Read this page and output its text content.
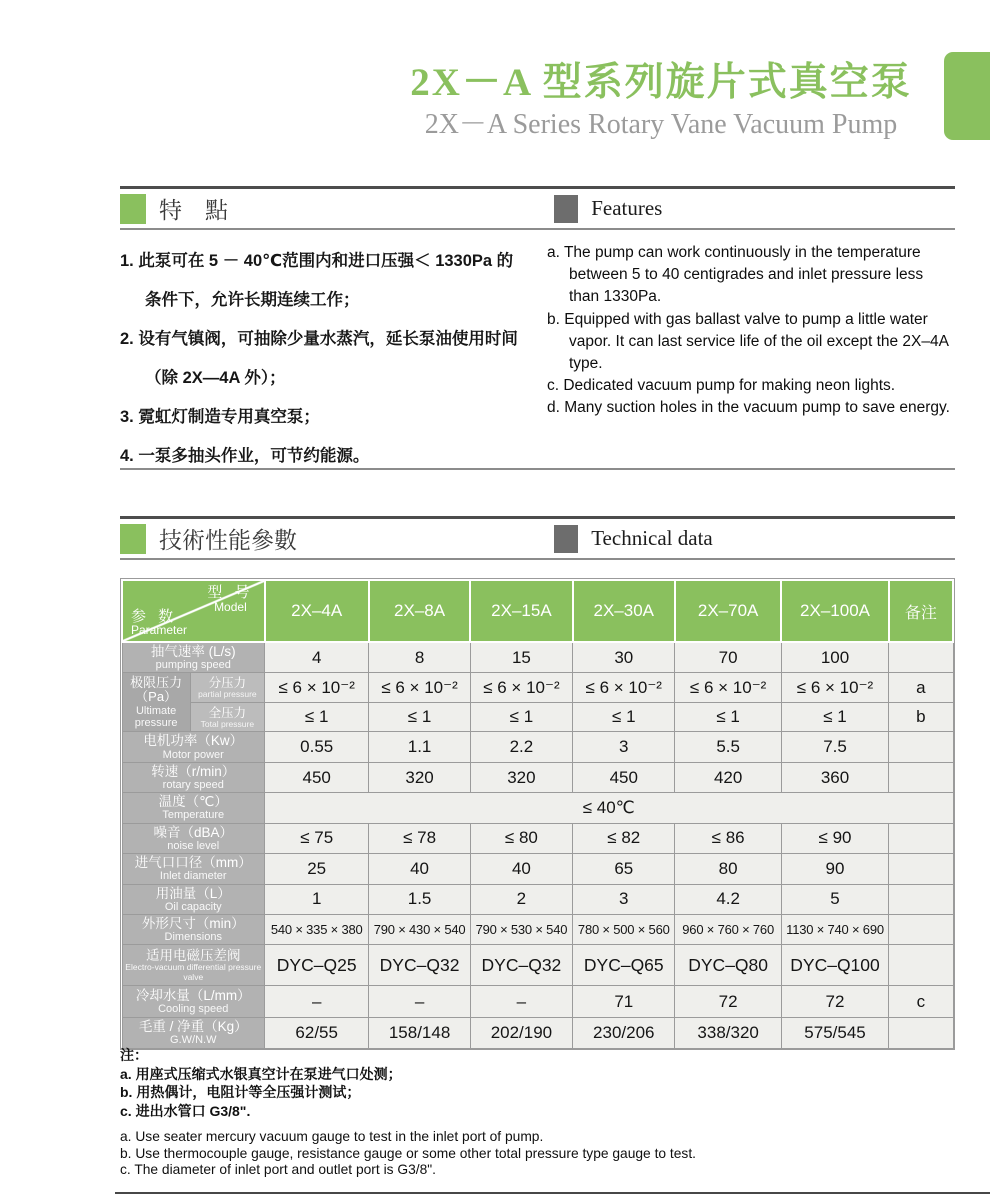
2X－A 型系列旋片式真空泵
2X－A Series Rotary Vane Vacuum Pump
特　點	Features
1. 此泵可在 5 － 40℃范围内和进口压强＜ 1330Pa 的条件下，允许长期连续工作；
2. 设有气镇阀，可抽除少量水蒸汽，延长泵油使用时间（除 2X—4A 外）；
3. 霓虹灯制造专用真空泵；
4. 一泵多抽头作业，可节约能源。
a. The pump can work continuously in the temperature between 5 to 40 centigrades and inlet pressure less than 1330Pa.
b. Equipped with gas ballast valve to pump a little water vapor. It can last service life of the oil except the 2X–4A type.
c. Dedicated vacuum pump for making neon lights.
d. Many suction holes in the vacuum pump to save energy.
技術性能參數	Technical data
型 号
Model
参 数
Parameter		2X–4A	2X–8A	2X–15A	2X–30A	2X–70A	2X–100A	备注

抽气速率 (L/s)
pumping speed		4	8	15	30	70	100	

极限压力（Pa）
Ultimate pressure

分压力
partial pressure	≤ 6 × 10⁻²	≤ 6 × 10⁻²	≤ 6 × 10⁻²	≤ 6 × 10⁻²	≤ 6 × 10⁻²	≤ 6 × 10⁻²	a

	全压力
Total pressure	≤ 1	≤ 1	≤ 1	≤ 1	≤ 1	≤ 1	b

电机功率（Kw）
Motor power		0.55	1.1	2.2	3	5.5	7.5	

转速（r/min）
rotary speed		450	320	320	450	420	360	

温度（℃）
Temperature		≤ 40℃						

噪音（dBA）
noise level		≤ 75	≤ 78	≤ 80	≤ 82	≤ 86	≤ 90	

进气口口径（mm）
Inlet diameter		25	40	40	65	80	90	

用油量（L）
Oil capacity		1	1.5	2	3	4.2	5	

外形尺寸（min）
Dimensions		540 × 335 × 380	790 × 430 × 540	790 × 530 × 540	780 × 500 × 560	960 × 760 × 760	1130 × 740 × 690	

适用电磁压差阀
Electro-vacuum differential pressure valve		DYC–Q25	DYC–Q32	DYC–Q32	DYC–Q65	DYC–Q80	DYC–Q100	

冷却水量（L/mm）
Cooling speed		–	–	–	71	72	72	c

毛重 / 净重（Kg）
G.W/N.W		62/55	158/148	202/190	230/206	338/320	575/545	
注：
a. 用座式压缩式水银真空计在泵进气口处测；
b. 用热偶计，电阻计等全压强计测试；
c. 进出水管口 G3/8".
a. Use seater mercury vacuum gauge to test in the inlet port of pump.
b. Use thermocouple gauge, resistance gauge or some other total pressure type gauge to test.
c. The diameter of inlet port and outlet port is G3/8".
